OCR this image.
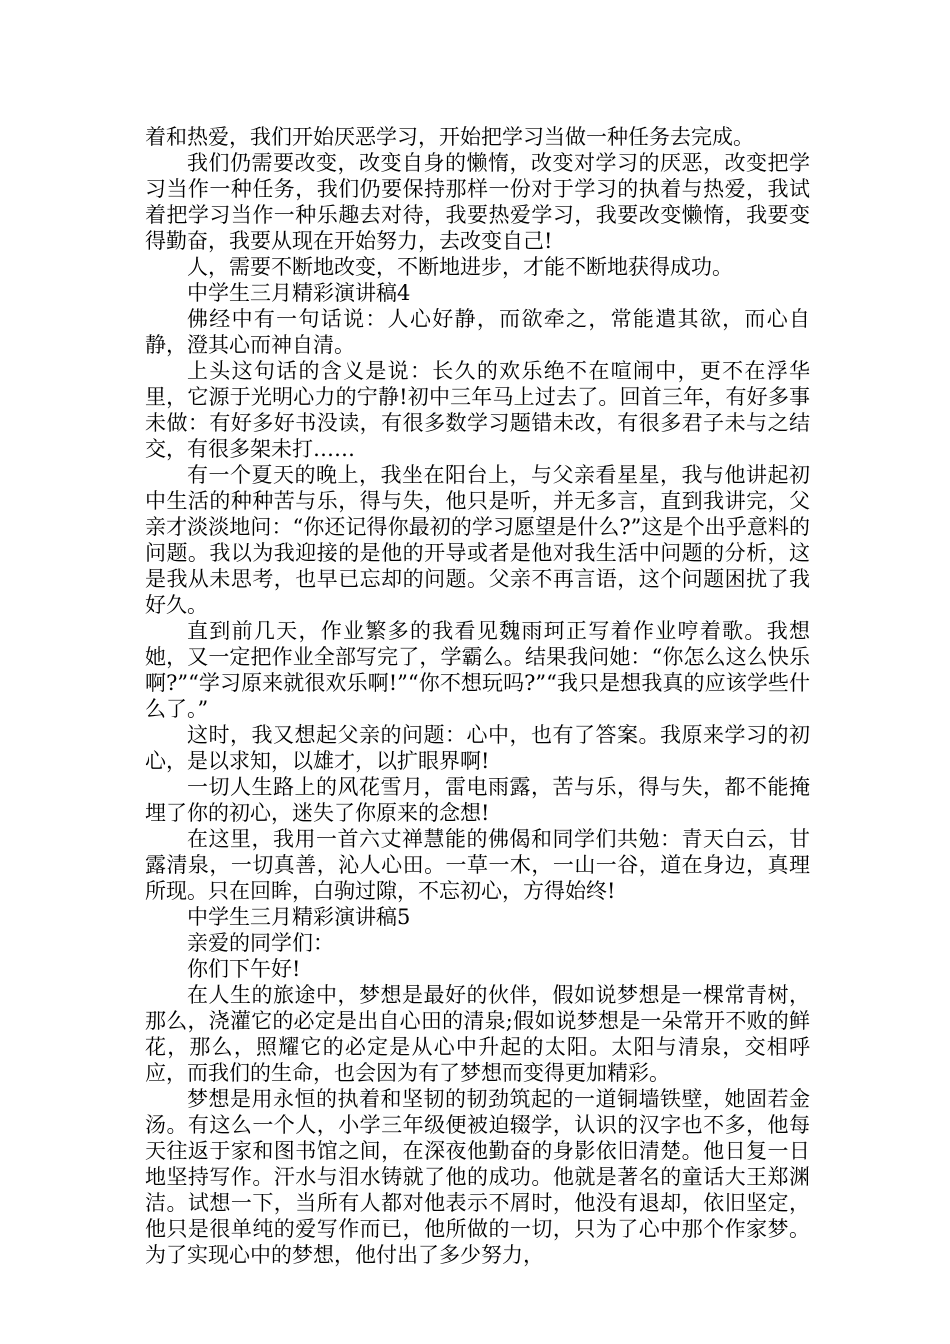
着和热爱，我们开始厌恶学习，开始把学习当做一种任务去完成。

我们仍需要改变，改变自身的懒惰，改变对学习的厌恶，改变把学习当作一种任务，我们仍要保持那样一份对于学习的执着与热爱，我试着把学习当作一种乐趣去对待，我要热爱学习，我要改变懒惰，我要变得勤奋，我要从现在开始努力，去改变自己!

人，需要不断地改变，不断地进步，才能不断地获得成功。

中学生三月精彩演讲稿4

佛经中有一句话说：人心好静，而欲牵之，常能遣其欲，而心自静，澄其心而神自清。

上头这句话的含义是说：长久的欢乐绝不在喧闹中，更不在浮华里，它源于光明心力的宁静!初中三年马上过去了。回首三年，有好多事未做：有好多好书没读，有很多数学习题错未改，有很多君子未与之结交，有很多架未打……

有一个夏天的晚上，我坐在阳台上，与父亲看星星，我与他讲起初中生活的种种苦与乐，得与失，他只是听，并无多言，直到我讲完，父亲才淡淡地问：“你还记得你最初的学习愿望是什么?”这是个出乎意料的问题。我以为我迎接的是他的开导或者是他对我生活中问题的分析，这是我从未思考，也早已忘却的问题。父亲不再言语，这个问题困扰了我好久。

直到前几天，作业繁多的我看见魏雨珂正写着作业哼着歌。我想她，又一定把作业全部写完了，学霸么。结果我问她：“你怎么这么快乐啊?”“学习原来就很欢乐啊!”“你不想玩吗?”“我只是想我真的应该学些什么了。”

这时，我又想起父亲的问题：心中，也有了答案。我原来学习的初心，是以求知，以雄才，以扩眼界啊!

一切人生路上的风花雪月，雷电雨露，苦与乐，得与失，都不能掩埋了你的初心，迷失了你原来的念想!

在这里，我用一首六丈禅慧能的佛偈和同学们共勉：青天白云，甘露清泉，一切真善，沁人心田。一草一木，一山一谷，道在身边，真理所现。只在回眸，白驹过隙，不忘初心，方得始终!

中学生三月精彩演讲稿5

亲爱的同学们：

你们下午好!

在人生的旅途中，梦想是最好的伙伴，假如说梦想是一棵常青树，那么，浇灌它的必定是出自心田的清泉;假如说梦想是一朵常开不败的鲜花，那么，照耀它的必定是从心中升起的太阳。太阳与清泉，交相呼应，而我们的生命，也会因为有了梦想而变得更加精彩。

梦想是用永恒的执着和坚韧的韧劲筑起的一道铜墙铁壁，她固若金汤。有这么一个人，小学三年级便被迫辍学，认识的汉字也不多，他每天往返于家和图书馆之间，在深夜他勤奋的身影依旧清楚。他日复一日地坚持写作。汗水与泪水铸就了他的成功。他就是著名的童话大王郑渊洁。试想一下，当所有人都对他表示不屑时，他没有退却，依旧坚定，他只是很单纯的爱写作而已，他所做的一切，只为了心中那个作家梦。为了实现心中的梦想，他付出了多少努力，
